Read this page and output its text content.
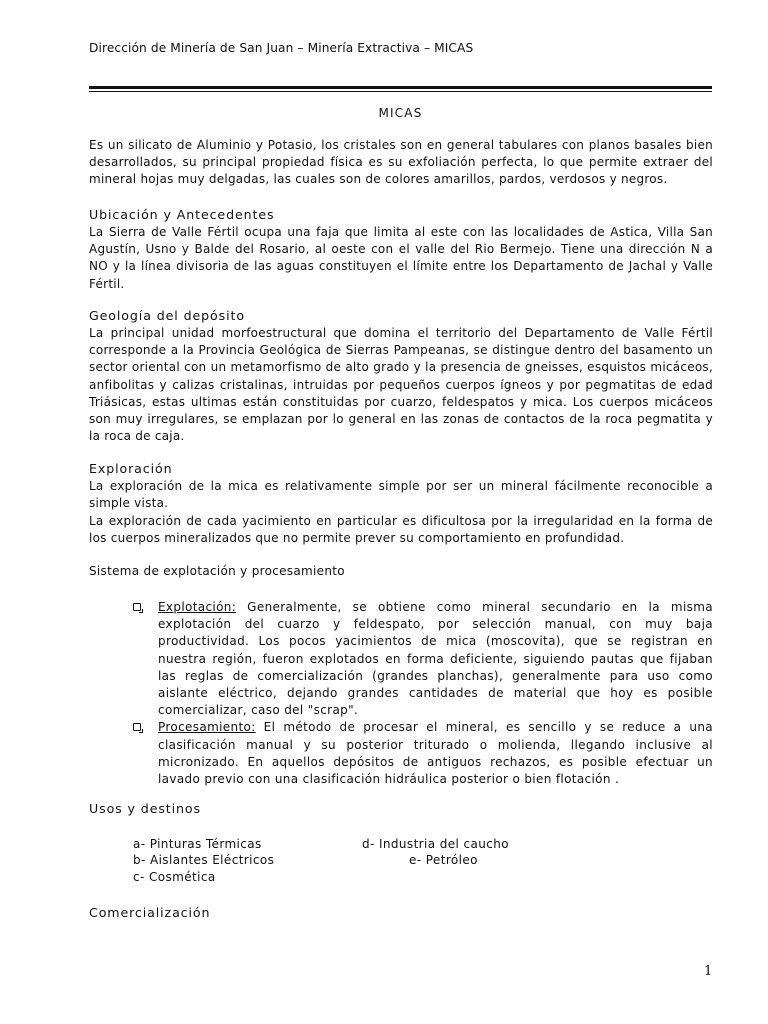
Dirección de Minería de San Juan – Minería Extractiva – MICAS
MICAS

Es un silicato de Aluminio y Potasio, los cristales son en general tabulares con planos basales bien desarrollados, su principal propiedad física es su exfoliación perfecta, lo que permite extraer del mineral hojas muy delgadas, las cuales son de colores amarillos, pardos, verdosos y negros.

Ubicación y Antecedentes

La Sierra de Valle Fértil ocupa una faja que limita al este con las localidades de Astica, Villa San Agustín, Usno y Balde del Rosario, al oeste con el valle del Rio Bermejo. Tiene una dirección N a NO y la línea divisoria de las aguas constituyen el límite entre los Departamento de Jachal y Valle Fértil.

Geología del depósito

La principal unidad morfoestructural que domina el territorio del Departamento de Valle Fértil corresponde a la Provincia Geológica de Sierras Pampeanas, se distingue dentro del basamento un sector oriental con un metamorfismo de alto grado y la presencia de gneisses, esquistos micáceos, anfibolitas y calizas cristalinas, intruidas por pequeños cuerpos ígneos y por pegmatitas de edad Triásicas, estas ultimas están constituidas por cuarzo, feldespatos y mica. Los cuerpos micáceos son muy irregulares, se emplazan por lo general en las zonas de contactos de la roca pegmatita y la roca de caja.

Exploración

La exploración de la mica es relativamente simple por ser un mineral fácilmente reconocible a simple vista.

La exploración de cada yacimiento en particular es dificultosa por la irregularidad en la forma de los cuerpos mineralizados que no permite prever su comportamiento en profundidad.

Sistema de explotación y procesamiento

Explotación: Generalmente, se obtiene como mineral secundario en la misma explotación del cuarzo y feldespato, por selección manual, con muy baja productividad. Los pocos yacimientos de mica (moscovita), que se registran en nuestra región, fueron explotados en forma deficiente, siguiendo pautas que fijaban las reglas de comercialización (grandes planchas), generalmente para uso como aislante eléctrico, dejando grandes cantidades de material que hoy es posible comercializar, caso del "scrap".
Procesamiento: El método de procesar el mineral, es sencillo y se reduce a una clasificación manual y su posterior triturado o molienda, llegando inclusive al micronizado. En aquellos depósitos de antiguos rechazos, es posible efectuar un lavado previo con una clasificación hidráulica posterior o bien flotación .

Usos y destinos

a- Pinturas Térmicas
b- Aislantes Eléctricos
c- Cosmética
d- Industria del caucho
e- Petróleo

Comercialización

1
